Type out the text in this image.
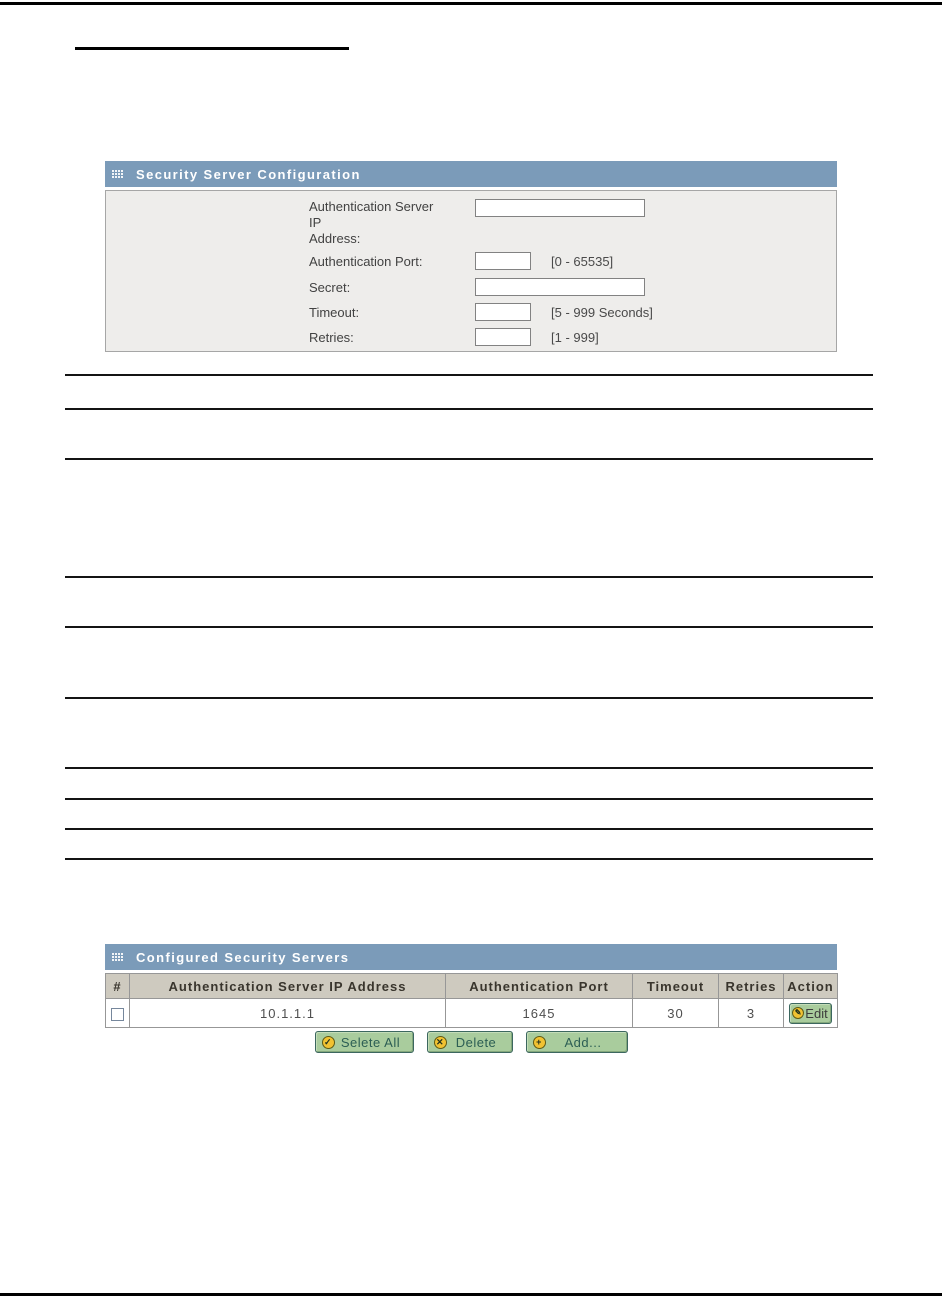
Security Server Configuration
Authentication Server
IP
Address:
Authentication Port:	[0 - 65535]
Secret:
Timeout:	[5 - 999 Seconds]
Retries:	[1 - 999]
Configured Security Servers
#	Authentication Server IP Address	Authentication Port	Timeout	Retries	Action
	10.1.1.1	1645	30	3	✎ Edit
✓ Selete All	✕ Delete	+	Add...
